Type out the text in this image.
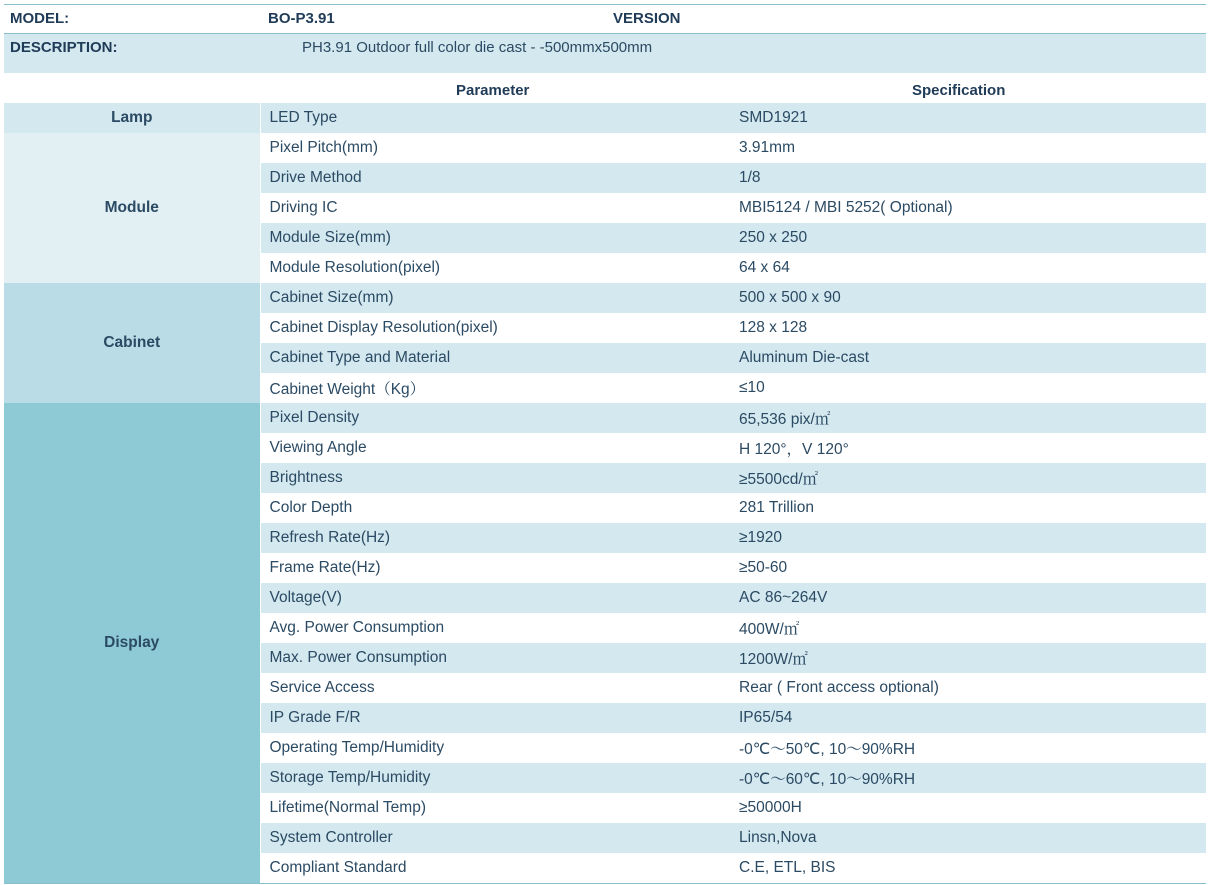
MODEL:	BO-P3.91	VERSION
DESCRIPTION:	PH3.91 Outdoor full color die cast - -500mmx500mm
	Parameter	Specification
Lamp	LED Type	SMD1921
Module	Pixel Pitch(mm)	3.91mm
	Drive Method	1/8
	Driving IC	MBI5124 / MBI 5252( Optional)
	Module Size(mm)	250 x 250
	Module Resolution(pixel)	64 x 64
Cabinet	Cabinet Size(mm)	500 x 500 x 90
	Cabinet Display Resolution(pixel)	128 x 128
	Cabinet Type and Material	Aluminum Die-cast
	Cabinet Weight（Kg）	≤10
Display	Pixel Density	65,536 pix/㎡
	Viewing Angle	H 120°，V 120°
	Brightness	≥5500cd/㎡
	Color Depth	281 Trillion
	Refresh Rate(Hz)	≥1920
	Frame Rate(Hz)	≥50-60
	Voltage(V)	AC 86~264V
	Avg. Power Consumption	400W/㎡
	Max. Power Consumption	1200W/㎡
	Service Access	Rear ( Front access optional)
	IP Grade F/R	IP65/54
	Operating Temp/Humidity	-0℃～50℃, 10～90%RH
	Storage Temp/Humidity	-0℃～60℃, 10～90%RH
	Lifetime(Normal Temp)	≥50000H
	System Controller	Linsn,Nova
	Compliant Standard	C.E, ETL, BIS
